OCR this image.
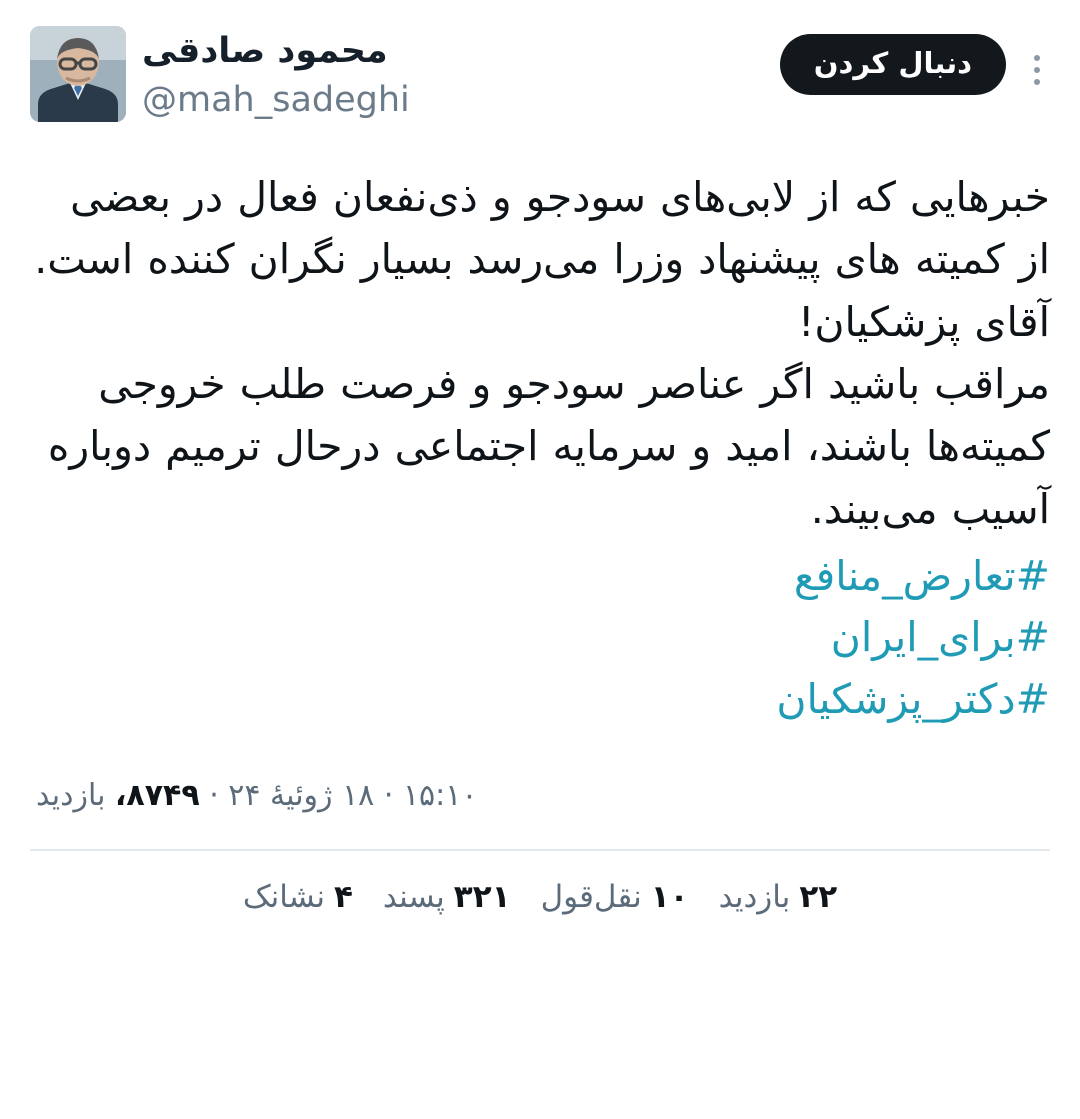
دنبال کردن
محمود صادقی
@mah_sadeghi

خبرهایی که از لابی‌های سودجو و ذی‌نفعان فعال در بعضی از کمیته های پیشنهاد وزرا می‌رسد بسیار نگران کننده است.

آقای پزشکیان!

مراقب باشید اگر عناصر سودجو و فرصت طلب خروجی کمیته‌ها باشند، امید و سرمایه اجتماعی درحال ترمیم دوباره آسیب می‌بیند.

#تعارض_منافع
#برای_ایران
#دکتر_پزشکیان
۱۵:۱۰ · ۱۸ ژوئیهٔ ۲۴ · ۸۷۴۹، بازدید
۲۲
بازدید
۱۰
نقل‌قول
۳۲۱
پسند
۴
نشانک
